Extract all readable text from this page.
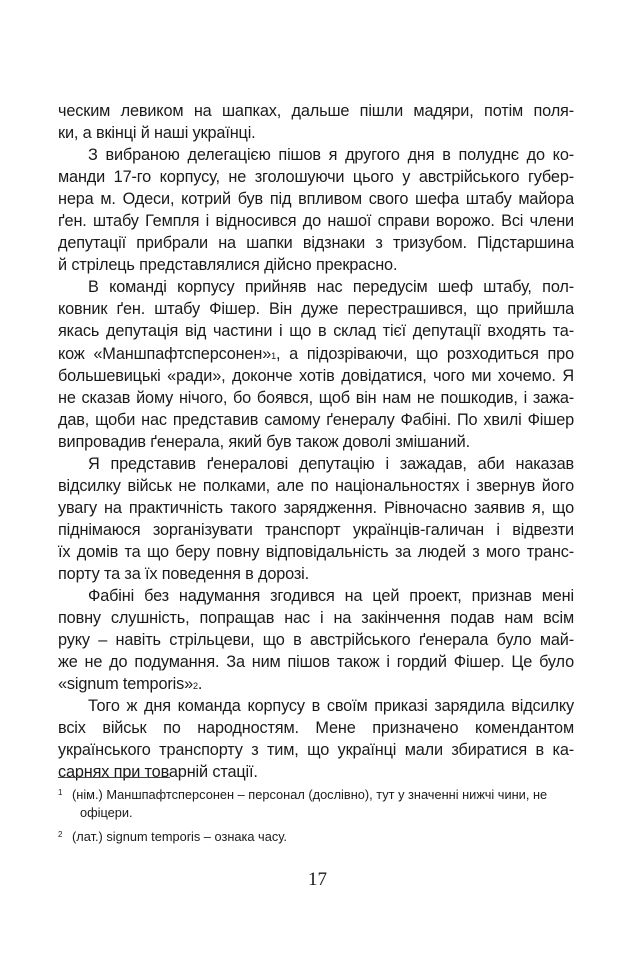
ческим левиком на шапках, дальше пішли мадяри, потім поля-
ки, а вкінці й наші українці.
З вибраною делегацією пішов я другого дня в полуднє до ко-
манди 17-го корпусу, не зголошуючи цього у австрійського губер-
нера м. Одеси, котрий був під впливом свого шефа штабу майора
ґен. штабу Гемпля і відносився до нашої справи ворожо. Всі члени
депутації прибрали на шапки відзнаки з тризубом. Підстаршина
й стрілець представлялися дійсно прекрасно.
В команді корпусу прийняв нас передусім шеф штабу, пол-
ковник ґен. штабу Фішер. Він дуже перестрашився, що прийшла
якась депутація від частини і що в склад тієї депутації входять та-
кож «Маншпафтсперсонен»$^1$, а підозріваючи, що розходиться про
большевицькі «ради», доконче хотів довідатися, чого ми хочемо. Я
не сказав йому нічого, бо боявся, щоб він нам не пошкодив, і зажа-
дав, щоби нас представив самому ґенералу Фабіні. По хвилі Фішер
випровадив ґенерала, який був також доволі змішаний.
Я представив ґенералові депутацію і зажадав, аби наказав
відсилку військ не полками, але по національностях і звернув його
увагу на практичність такого зарядження. Рівночасно заявив я, що
піднімаюся зорганізувати транспорт українців-галичан і відвезти
їх домів та що беру повну відповідальність за людей з мого транс-
порту та за їх поведення в дорозі.
Фабіні без надумання згодився на цей проект, признав мені
повну слушність, попращав нас і на закінчення подав нам всім
руку – навіть стрільцеви, що в австрійського ґенерала було май-
же не до подумання. За ним пішов також і гордий Фішер. Це було
«signum temporis»$^2$.
Того ж дня команда корпусу в своїм приказі зарядила відсилку
всіх військ по народностям. Мене призначено комендантом
українського транспорту з тим, що українці мали збиратися в ка-
сарнях при товарній стації.
1 (нім.) Маншпафтсперсонен – персонал (дослівно), тут у значенні нижчі чини, не
офіцери.
2 (лат.) signum temporis – ознака часу.
17
